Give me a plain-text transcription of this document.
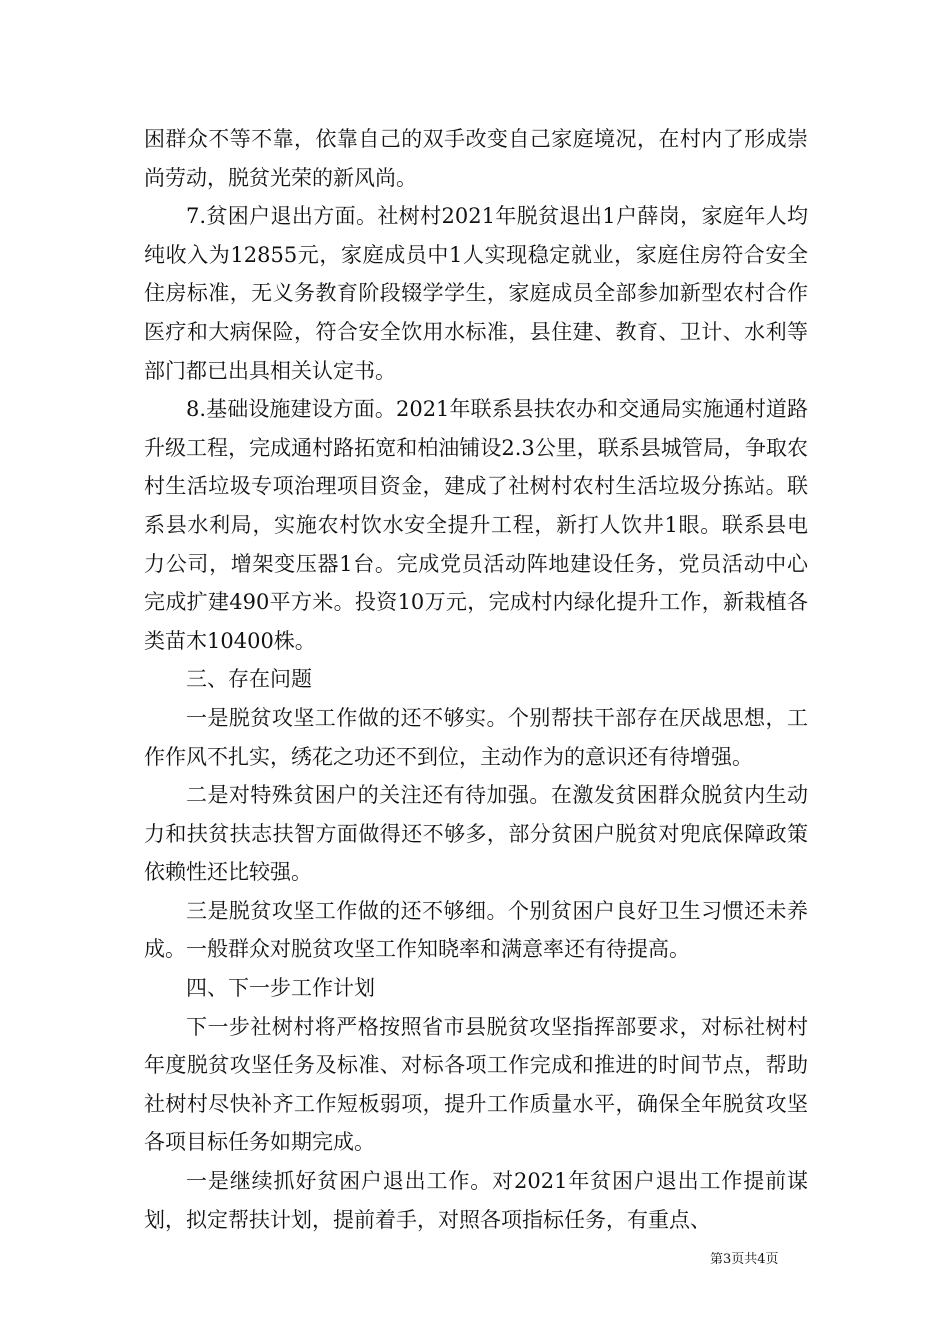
困群众不等不靠，依靠自己的双手改变自己家庭境况，在村内了形成崇尚劳动，脱贫光荣的新风尚。

7.贫困户退出方面。社树村2021年脱贫退出1户薛岗，家庭年人均纯收入为12855元，家庭成员中1人实现稳定就业，家庭住房符合安全住房标准，无义务教育阶段辍学学生，家庭成员全部参加新型农村合作医疗和大病保险，符合安全饮用水标准，县住建、教育、卫计、水利等部门都已出具相关认定书。

8.基础设施建设方面。2021年联系县扶农办和交通局实施通村道路升级工程，完成通村路拓宽和柏油铺设2.3公里，联系县城管局，争取农村生活垃圾专项治理项目资金，建成了社树村农村生活垃圾分拣站。联系县水利局，实施农村饮水安全提升工程，新打人饮井1眼。联系县电力公司，增架变压器1台。完成党员活动阵地建设任务，党员活动中心完成扩建490平方米。投资10万元，完成村内绿化提升工作，新栽植各类苗木10400株。

三、存在问题

一是脱贫攻坚工作做的还不够实。个别帮扶干部存在厌战思想，工作作风不扎实，绣花之功还不到位，主动作为的意识还有待增强。

二是对特殊贫困户的关注还有待加强。在激发贫困群众脱贫内生动力和扶贫扶志扶智方面做得还不够多，部分贫困户脱贫对兜底保障政策依赖性还比较强。

三是脱贫攻坚工作做的还不够细。个别贫困户良好卫生习惯还未养成。一般群众对脱贫攻坚工作知晓率和满意率还有待提高。

四、下一步工作计划

下一步社树村将严格按照省市县脱贫攻坚指挥部要求，对标社树村年度脱贫攻坚任务及标准、对标各项工作完成和推进的时间节点，帮助社树村尽快补齐工作短板弱项，提升工作质量水平，确保全年脱贫攻坚各项目标任务如期完成。

一是继续抓好贫困户退出工作。对2021年贫困户退出工作提前谋划，拟定帮扶计划，提前着手，对照各项指标任务，有重点、

第3页共4页
